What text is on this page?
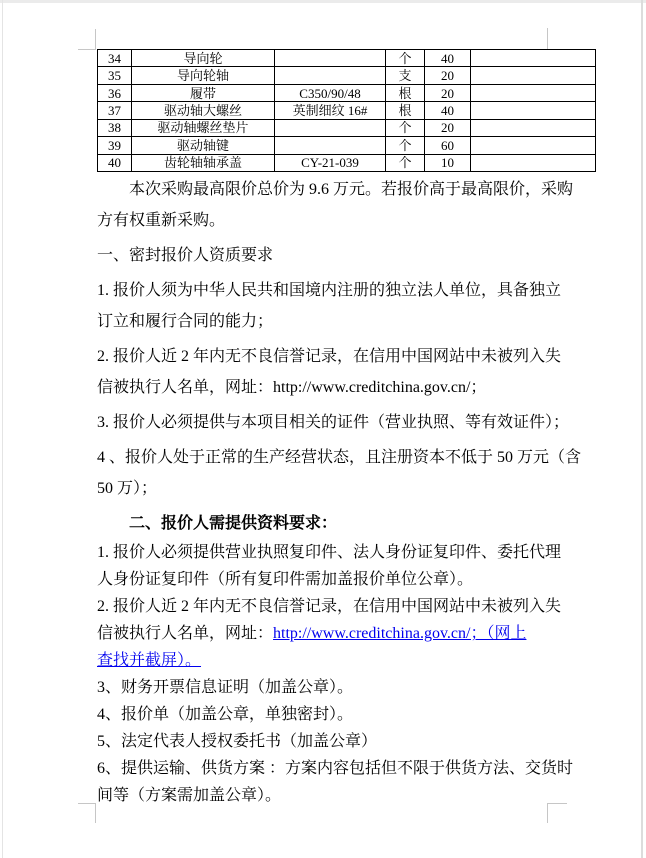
34	导向轮		个	40	
35	导向轮轴		支	20	
36	履带	C350/90/48	根	20	
37	驱动轴大螺丝	英制细纹 16#	根	40	
38	驱动轴螺丝垫片		个	20	
39	驱动轴键		个	60	
40	齿轮轴轴承盖	CY-21-039	个	10	
本次采购最高限价总价为 9.6 万元。若报价高于最高限价，采购
方有权重新采购。
一、密封报价人资质要求
1. 报价人须为中华人民共和国境内注册的独立法人单位，具备独立
订立和履行合同的能力；
2. 报价人近 2 年内无不良信誉记录，在信用中国网站中未被列入失
信被执行人名单，网址：http://www.creditchina.gov.cn/；
3. 报价人必须提供与本项目相关的证件（营业执照、等有效证件）；
4 、报价人处于正常的生产经营状态，且注册资本不低于 50 万元（含
50 万）；
二、报价人需提供资料要求：
1. 报价人必须提供营业执照复印件、法人身份证复印件、委托代理
人身份证复印件（所有复印件需加盖报价单位公章）。
2. 报价人近 2 年内无不良信誉记录，在信用中国网站中未被列入失
信被执行人名单，网址：http://www.creditchina.gov.cn/；（网上
查找并截屏）。
3、财务开票信息证明（加盖公章）。
4、报价单（加盖公章，单独密封）。
5、法定代表人授权委托书（加盖公章）
6、提供运输、供货方案 ：方案内容包括但不限于供货方法、交货时
间等（方案需加盖公章）。
